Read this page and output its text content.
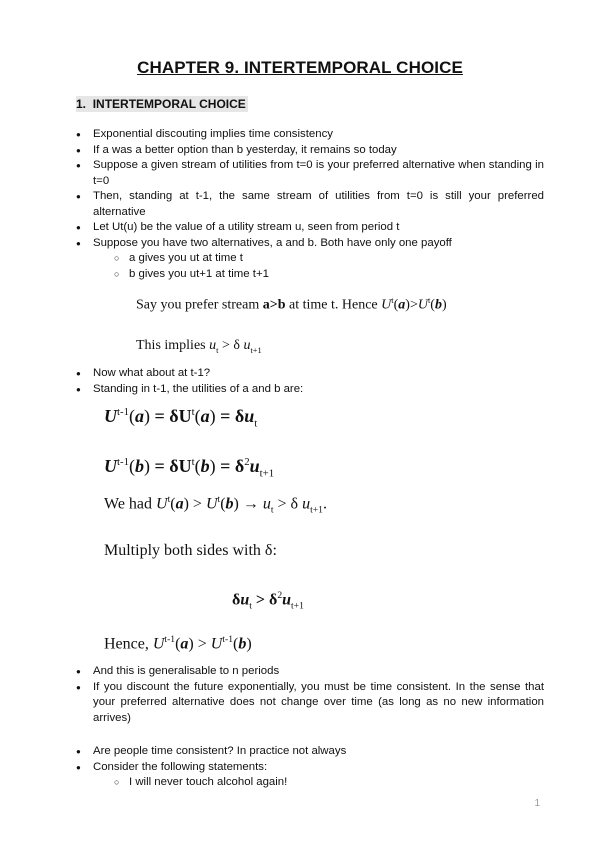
CHAPTER 9. INTERTEMPORAL CHOICE
1. INTERTEMPORAL CHOICE
● Exponential discouting implies time consistency
● If a was a better option than b yesterday, it remains so today
● Suppose a given stream of utilities from t=0 is your preferred alternative when standing in t=0
● Then, standing at t-1, the same stream of utilities from t=0 is still your preferred alternative
● Let Ut(u) be the value of a utility stream u, seen from period t
● Suppose you have two alternatives, a and b. Both have only one payoff
○ a gives you ut at time t
○ b gives you ut+1 at time t+1
Say you prefer stream a>b at time t. Hence $U^t(a)>U^t(b)$
This implies $u_t > \delta$ $u_{t+1}$
● Now what about at t-1?
● Standing in t-1, the utilities of a and b are:
$U^{t-1}(a) = \delta U^t(a) = \delta u_t$
$U^{t-1}(b) = \delta U^t(b) = \delta^2u_{t+1}$
We had $U^t(a) > U^t(b) \to u_t > \delta$ $u_{t+1}$.
Multiply both sides with δ:
$\delta u_t > \delta^2u_{t+1}$
Hence, $U^{t-1}(a) > U^{t-1}(b)$
● And this is generalisable to n periods
● If you discount the future exponentially, you must be time consistent. In the sense that your preferred alternative does not change over time (as long as no new information arrives)
● Are people time consistent? In practice not always
● Consider the following statements:
○ I will never touch alcohol again!
1
